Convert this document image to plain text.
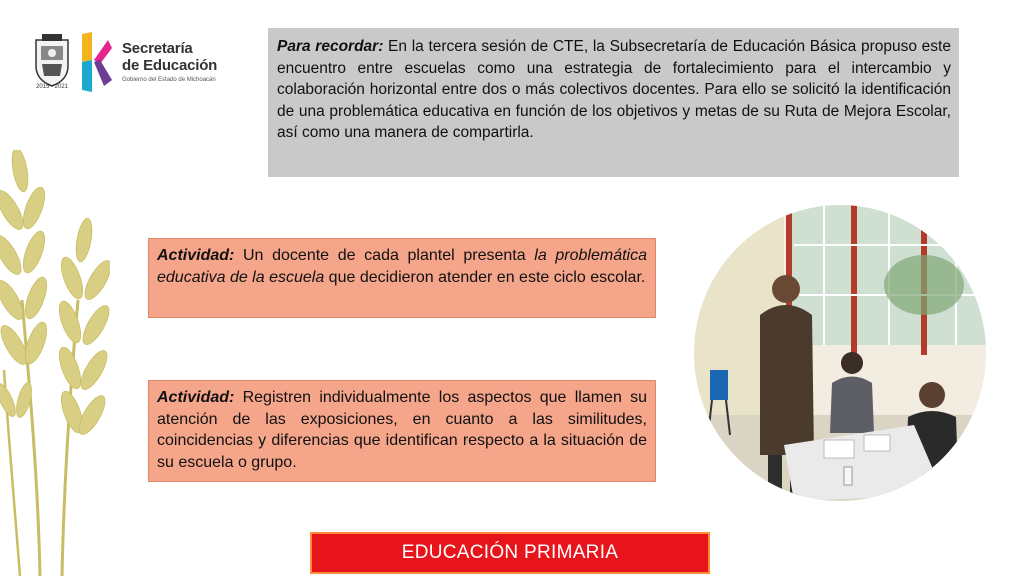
2015 - 2021
Secretaría
de Educación
Gobierno del Estado de Michoacán
Para recordar: En la tercera sesión de CTE, la Subsecretaría de Educación Básica propuso este encuentro entre escuelas como una estrategia de fortalecimiento para el intercambio y colaboración horizontal entre dos o más colectivos docentes. Para ello se solicitó la identificación de una problemática educativa en función de los objetivos y metas de su Ruta de Mejora Escolar, así como una manera de compartirla.
Actividad: Un docente de cada plantel presenta la problemática educativa de la escuela que decidieron atender en este ciclo escolar.
Actividad: Registren individualmente los aspectos que llamen su atención de las exposiciones, en cuanto a las similitudes, coincidencias y diferencias que identifican respecto a la situación de su escuela o grupo.
EDUCACIÓN PRIMARIA
